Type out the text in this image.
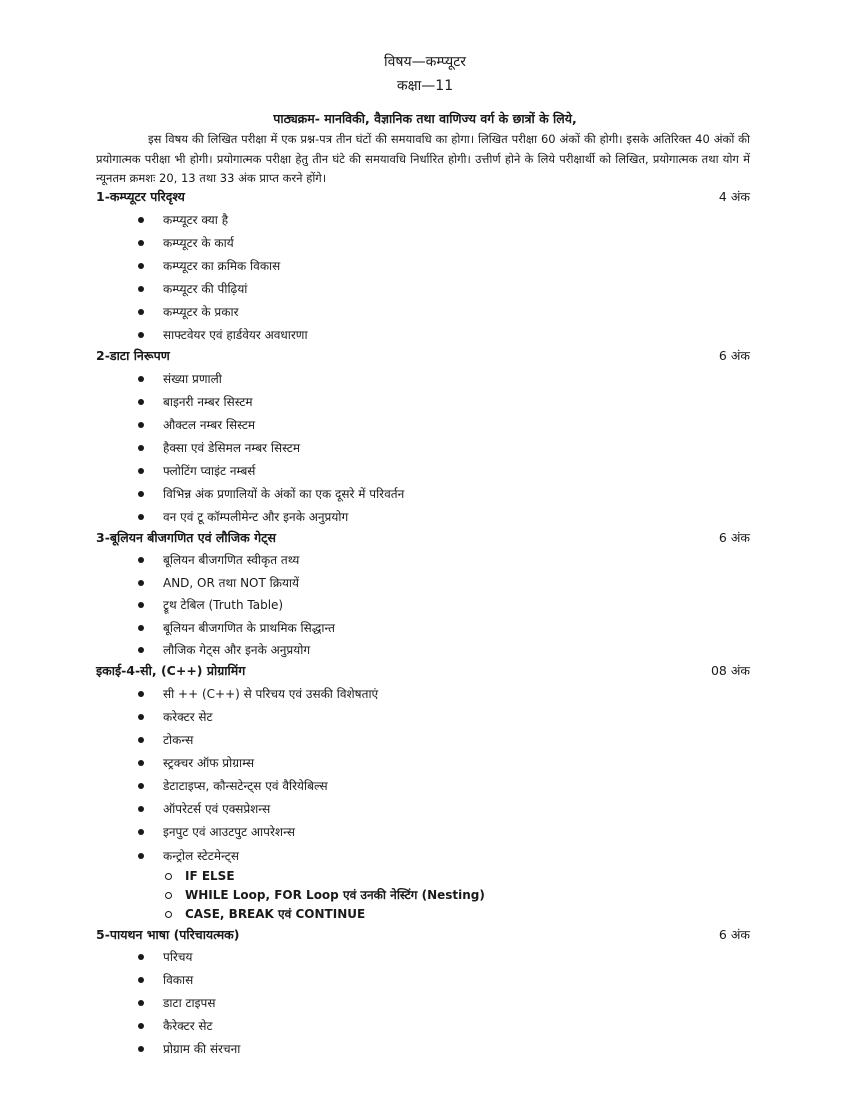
विषय—कम्प्यूटर
कक्षा—11
पाठ्यक्रम- मानविकी, वैज्ञानिक तथा वाणिज्य वर्ग के छात्रों के लिये,
इस विषय की लिखित परीक्षा में एक प्रश्न-पत्र तीन घंटों की समयावधि का होगा। लिखित परीक्षा 60 अंकों की होगी। इसके अतिरिक्त 40 अंकों की प्रयोगात्मक परीक्षा भी होगी। प्रयोगात्मक परीक्षा हेतु तीन घंटे की समयावधि निर्धारित होगी। उत्तीर्ण होने के लिये परीक्षार्थी को लिखित, प्रयोगात्मक तथा योग में न्यूनतम क्रमशः 20, 13 तथा 33 अंक प्राप्त करने होंगे।
1-कम्प्यूटर परिदृश्य	4 अंक
कम्प्यूटर क्या है
कम्प्यूटर के कार्य
कम्प्यूटर का क्रमिक विकास
कम्प्यूटर की पीढ़ियां
कम्प्यूटर के प्रकार
साफ्टवेयर एवं हार्डवेयर अवधारणा
2-डाटा निरूपण	6 अंक
संख्या प्रणाली
बाइनरी नम्बर सिस्टम
औक्टल नम्बर सिस्टम
हैक्सा एवं डेसिमल नम्बर सिस्टम
फ्लोटिंग प्वाइंट नम्बर्स
विभिन्न अंक प्रणालियों के अंकों का एक दूसरे में परिवर्तन
वन एवं टू कॉम्पलीमेन्ट और इनके अनुप्रयोग
3-बूलियन बीजगणित एवं लौजिक गेट्स	6 अंक
बूलियन बीजगणित स्वीकृत तथ्य
AND, OR तथा NOT क्रियायें
ट्रूथ टेबिल (Truth Table)
बूलियन बीजगणित के प्राथमिक सिद्धान्त
लौजिक गेट्स और इनके अनुप्रयोग
इकाई-4-सी, (C++) प्रोग्रामिंग	08 अंक
सी ++ (C++) से परिचय एवं उसकी विशेषताएं
करेक्टर सेट
टोकन्स
स्ट्रक्चर ऑफ प्रोग्राम्स
डेटाटाइप्स, कौन्सटेन्ट्स एवं वैरियेबिल्स
ऑपरेटर्स एवं एक्सप्रेशन्स
इनपुट एवं आउटपुट आपरेशन्स
कन्ट्रोल स्टेटमेन्ट्स
IF ELSE
WHILE Loop, FOR Loop एवं उनकी नेस्टिंग (Nesting)
CASE, BREAK एवं CONTINUE
5-पायथन भाषा (परिचायत्मक)	6 अंक
परिचय
विकास
डाटा टाइपस
कैरेक्टर सेट
प्रोग्राम की संरचना
